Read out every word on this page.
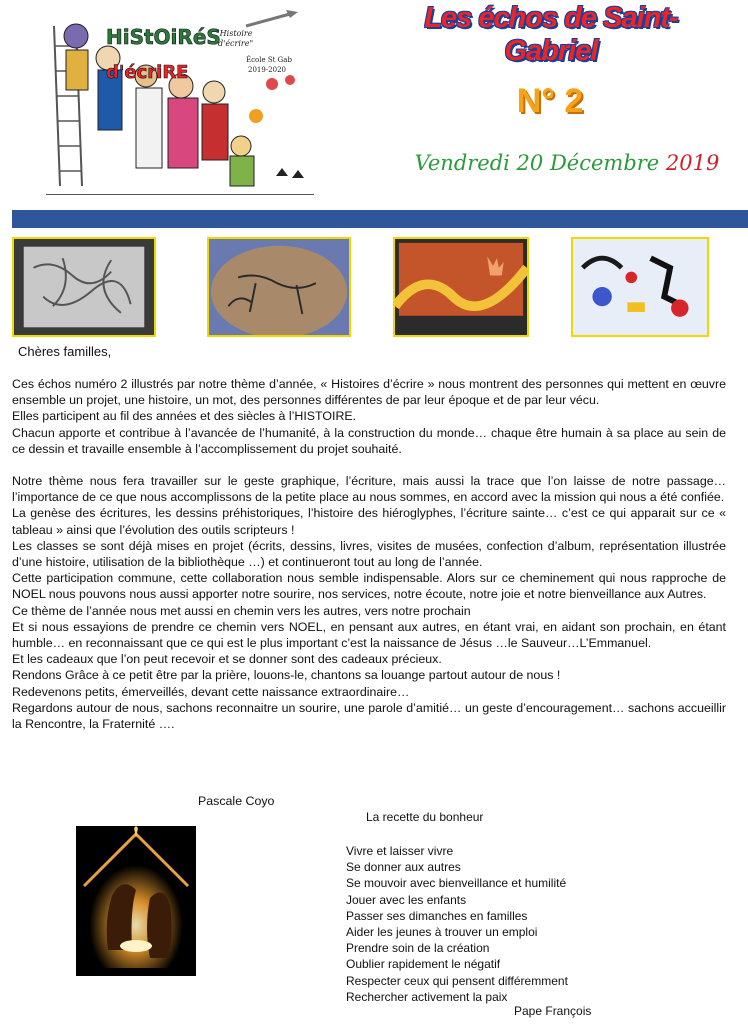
HiStOiRéS
d'écriRE
"Histoire
d'écrire"
École St Gab
2019-2020
Les échos de Saint-Gabriel
N° 2
Vendredi 20 Décembre 2019
Chères familles,

Ces échos numéro 2 illustrés par notre thème d’année, « Histoires d’écrire » nous montrent des personnes qui mettent en œuvre ensemble un projet, une histoire, un mot, des personnes différentes de par leur époque et de par leur vécu.

Elles participent au fil des années et des siècles à l’HISTOIRE.

Chacun apporte et contribue à l’avancée de l’humanité, à la construction du monde… chaque être humain à sa place au sein de ce dessin et travaille ensemble à l’accomplissement du projet souhaité.

Notre thème nous fera travailler sur le geste graphique, l’écriture, mais aussi la trace que l’on laisse de notre passage… l’importance de ce que nous accomplissons de la petite place au nous sommes, en accord avec la mission qui nous a été confiée.

La genèse des écritures, les dessins préhistoriques, l’histoire des hiéroglyphes, l’écriture sainte… c’est ce qui apparait sur ce « tableau » ainsi que l’évolution des outils scripteurs !

Les classes se sont déjà mises en projet (écrits, dessins, livres, visites de musées, confection d’album, représentation illustrée d’une histoire, utilisation de la bibliothèque …) et continueront tout au long de l’année.

Cette participation commune, cette collaboration nous semble indispensable. Alors sur ce cheminement qui nous rapproche de NOEL nous pouvons nous aussi apporter notre sourire, nos services, notre écoute, notre joie et notre bienveillance aux Autres.

Ce thème de l’année nous met aussi en chemin vers les autres, vers notre prochain

Et si nous essayions de prendre ce chemin vers NOEL, en pensant aux autres, en étant vrai, en aidant son prochain, en étant humble… en reconnaissant que ce qui est le plus important c’est la naissance de Jésus …le Sauveur…L’Emmanuel.

Et les cadeaux que l’on peut recevoir et se donner sont des cadeaux précieux.

Rendons Grâce à ce petit être par la prière, louons-le, chantons sa louange partout autour de nous !

Redevenons petits, émerveillés, devant cette naissance extraordinaire…

Regardons autour de nous, sachons reconnaitre un sourire, une parole d’amitié… un geste d’encouragement… sachons accueillir la Rencontre, la Fraternité ….

Pascale Coyo
La recette du bonheur
Vivre et laisser vivre
Se donner aux autres
Se mouvoir avec bienveillance et humilité
Jouer avec les enfants
Passer ses dimanches en familles
Aider les jeunes à trouver un emploi
Prendre soin de la création
Oublier rapidement le négatif
Respecter ceux qui pensent différemment
Rechercher activement la paix
Pape François
